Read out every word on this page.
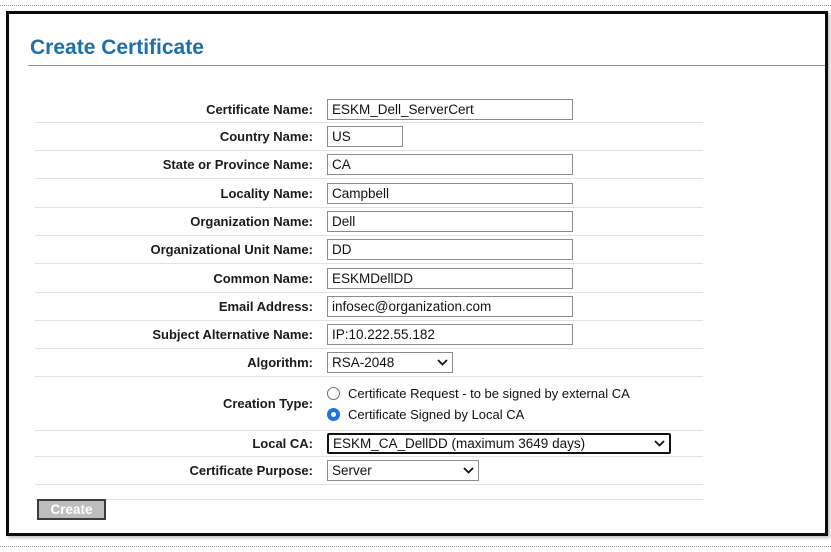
Create Certificate
Certificate Name:
ESKM_Dell_ServerCert
Country Name:
US
State or Province Name:
CA
Locality Name:
Campbell
Organization Name:
Dell
Organizational Unit Name:
DD
Common Name:
ESKMDellDD
Email Address:
infosec@organization.com
Subject Alternative Name:
IP:10.222.55.182
Algorithm: RSA-2048
Creation Type:
Certificate Request - to be signed by external CA
Certificate Signed by Local CA
Local CA: ESKM_CA_DellDD (maximum 3649 days)
Certificate Purpose: Server
Create
